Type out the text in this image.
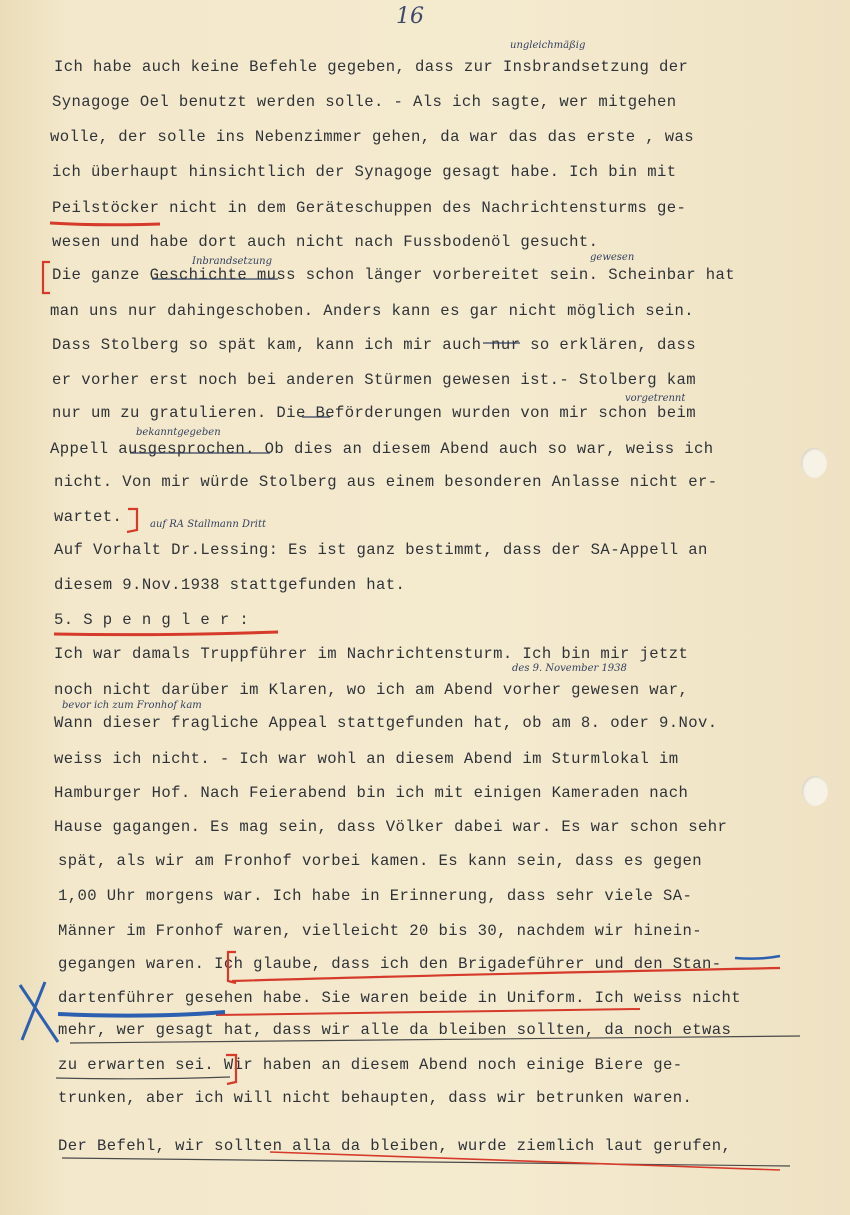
16

Ich habe auch keine Befehle gegeben, dass zur Insbrandsetzung der

Synagoge Oel benutzt werden solle. - Als ich sagte, wer mitgehen

wolle, der solle ins Nebenzimmer gehen, da war das das erste , was

ich überhaupt hinsichtlich der Synagoge gesagt habe. Ich bin mit

Peilstöcker nicht in dem Geräteschuppen des Nachrichtensturms ge-

wesen und habe dort auch nicht nach Fussbodenöl gesucht.

Die ganze Geschichte muss schon länger vorbereitet sein. Scheinbar hat

man uns nur dahingeschoben. Anders kann es gar nicht möglich sein.

Dass Stolberg so spät kam, kann ich mir auch nur so erklären, dass

er vorher erst noch bei anderen Stürmen gewesen ist.- Stolberg kam

nur um zu gratulieren. Die Beförderungen wurden von mir schon beim

Appell ausgesprochen. Ob dies an diesem Abend auch so war, weiss ich

nicht. Von mir würde Stolberg aus einem besonderen Anlasse nicht er-

wartet.

Auf Vorhalt Dr.Lessing: Es ist ganz bestimmt, dass der SA-Appell an

diesem 9.Nov.1938 stattgefunden hat.

5. S p e n g l e r :

Ich war damals Truppführer im Nachrichtensturm. Ich bin mir jetzt

noch nicht darüber im Klaren, wo ich am Abend vorher gewesen war,

Wann dieser fragliche Appeal stattgefunden hat, ob am 8. oder 9.Nov.

weiss ich nicht. - Ich war wohl an diesem Abend im Sturmlokal im

Hamburger Hof. Nach Feierabend bin ich mit einigen Kameraden nach

Hause gagangen. Es mag sein, dass Völker dabei war. Es war schon sehr

spät, als wir am Fronhof vorbei kamen. Es kann sein, dass es gegen

1,00 Uhr morgens war. Ich habe in Erinnerung, dass sehr viele SA-

Männer im Fronhof waren, vielleicht 20 bis 30, nachdem wir hinein-

gegangen waren. Ich glaube, dass ich den Brigadeführer und den Stan-

dartenführer gesehen habe. Sie waren beide in Uniform. Ich weiss nicht

mehr, wer gesagt hat, dass wir alle da bleiben sollten, da noch etwas

zu erwarten sei. Wir haben an diesem Abend noch einige Biere ge-

trunken, aber ich will nicht behaupten, dass wir betrunken waren.

Der Befehl, wir sollten alla da bleiben, wurde ziemlich laut gerufen,

ungleichmäßig
gewesen
Inbrandsetzung
vorgetrennt
bekanntgegeben
auf RA Stallmann Dritt
des 9. November 1938
bevor ich zum Fronhof kam
